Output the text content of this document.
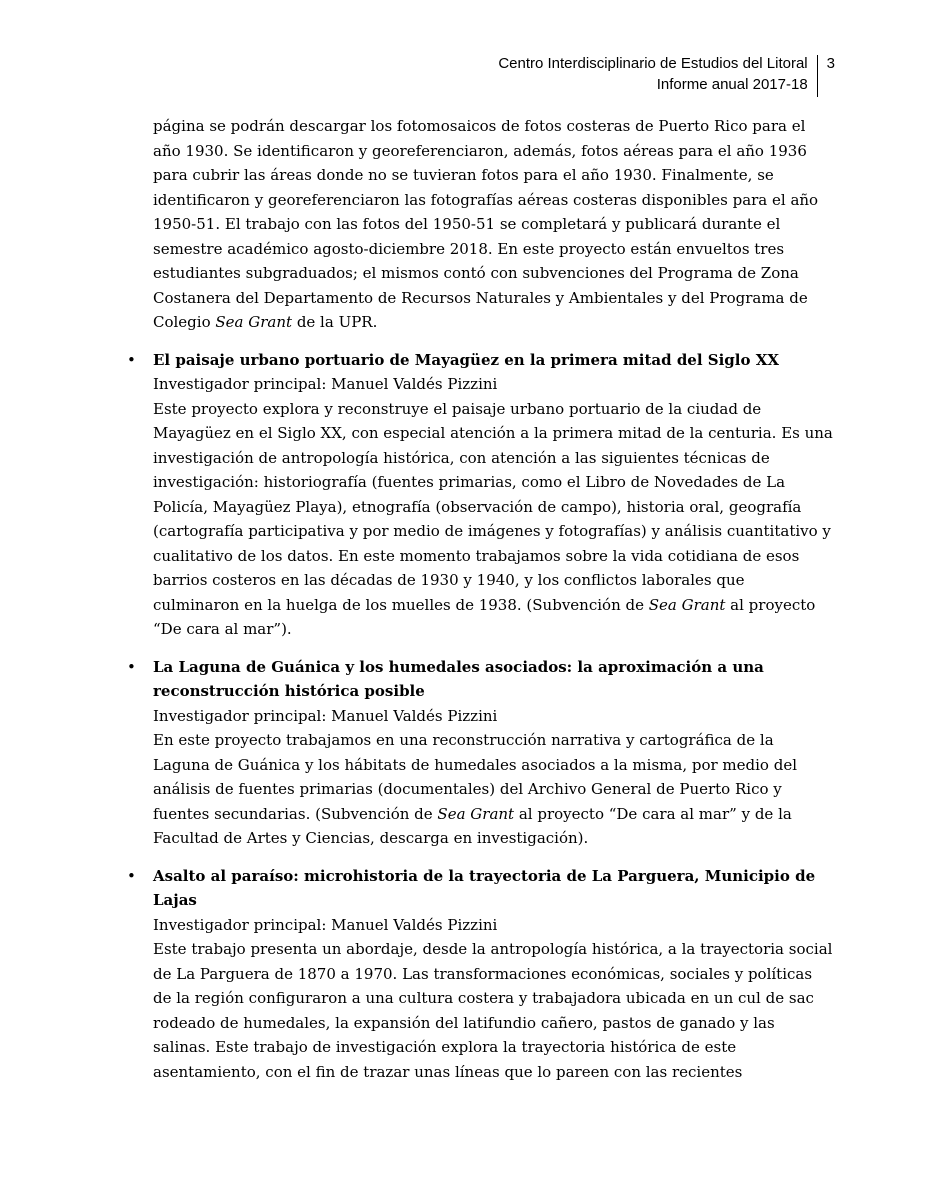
Centro Interdisciplinario de Estudios del Litoral
Informe anual 2017-18
3

página se podrán descargar los fotomosaicos de fotos costeras de Puerto Rico para el año 1930. Se identificaron y georeferenciaron, además, fotos aéreas para el año 1936 para cubrir las áreas donde no se tuvieran fotos para el año 1930. Finalmente, se identificaron y georeferenciaron las fotografías aéreas costeras disponibles para el año 1950-51. El trabajo con las fotos del 1950-51 se completará y publicará durante el semestre académico agosto-diciembre 2018. En este proyecto están envueltos tres estudiantes subgraduados; el mismos contó con subvenciones del Programa de Zona Costanera del Departamento de Recursos Naturales y Ambientales y del Programa de Colegio Sea Grant de la UPR.

• El paisaje urbano portuario de Mayagüez en la primera mitad del Siglo XX

Investigador principal: Manuel Valdés Pizzini

Este proyecto explora y reconstruye el paisaje urbano portuario de la ciudad de Mayagüez en el Siglo XX, con especial atención a la primera mitad de la centuria. Es una investigación de antropología histórica, con atención a las siguientes técnicas de investigación: historiografía (fuentes primarias, como el Libro de Novedades de La Policía, Mayagüez Playa), etnografía (observación de campo), historia oral, geografía (cartografía participativa y por medio de imágenes y fotografías) y análisis cuantitativo y cualitativo de los datos. En este momento trabajamos sobre la vida cotidiana de esos barrios costeros en las décadas de 1930 y 1940, y los conflictos laborales que culminaron en la huelga de los muelles de 1938. (Subvención de Sea Grant al proyecto “De cara al mar”).

• La Laguna de Guánica y los humedales asociados: la aproximación a una reconstrucción histórica posible

Investigador principal: Manuel Valdés Pizzini

En este proyecto trabajamos en una reconstrucción narrativa y cartográfica de la Laguna de Guánica y los hábitats de humedales asociados a la misma, por medio del análisis de fuentes primarias (documentales) del Archivo General de Puerto Rico y fuentes secundarias. (Subvención de Sea Grant al proyecto “De cara al mar” y de la Facultad de Artes y Ciencias, descarga en investigación).

• Asalto al paraíso: microhistoria de la trayectoria de La Parguera, Municipio de Lajas

Investigador principal: Manuel Valdés Pizzini

Este trabajo presenta un abordaje, desde la antropología histórica, a la trayectoria social de La Parguera de 1870 a 1970. Las transformaciones económicas, sociales y políticas de la región configuraron a una cultura costera y trabajadora ubicada en un cul de sac rodeado de humedales, la expansión del latifundio cañero, pastos de ganado y las salinas. Este trabajo de investigación explora la trayectoria histórica de este asentamiento, con el fin de trazar unas líneas que lo pareen con las recientes
